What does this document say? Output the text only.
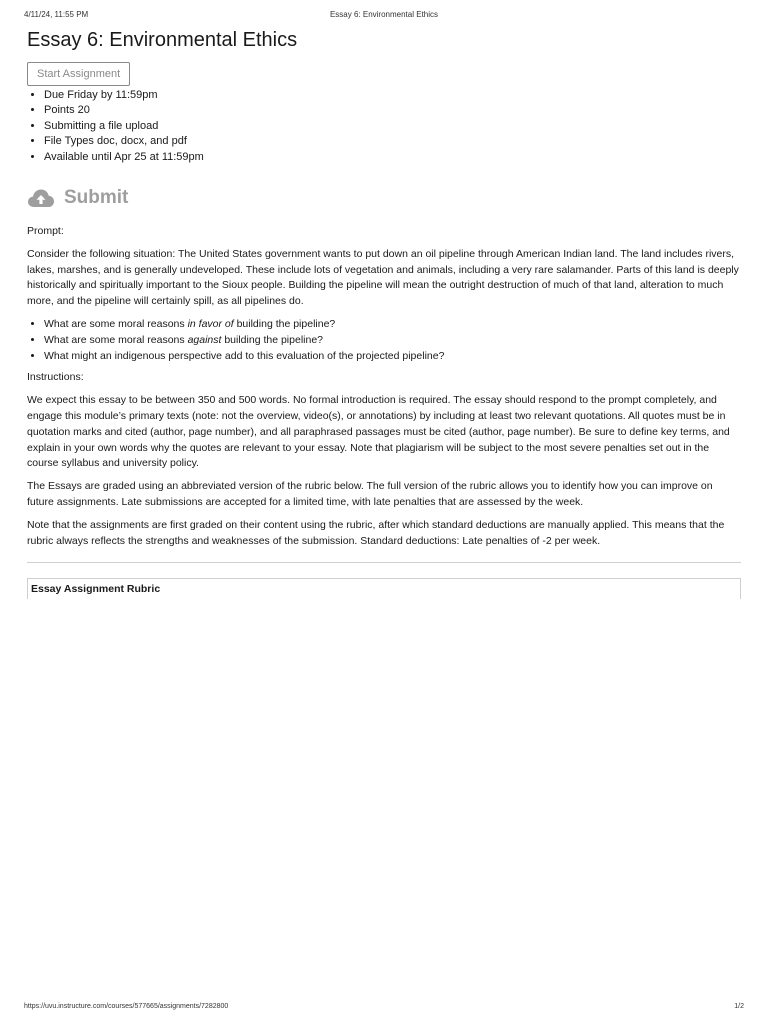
4/11/24, 11:55 PM	Essay 6: Environmental Ethics
Essay 6: Environmental Ethics
Start Assignment
• Due Friday by 11:59pm
• Points 20
• Submitting a file upload
• File Types doc, docx, and pdf
• Available until Apr 25 at 11:59pm
Submit

Prompt:

Consider the following situation: The United States government wants to put down an oil pipeline through American Indian land. The land includes rivers, lakes, marshes, and is generally undeveloped. These include lots of vegetation and animals, including a very rare salamander. Parts of this land is deeply historically and spiritually important to the Sioux people. Building the pipeline will mean the outright destruction of much of that land, alteration to much more, and the pipeline will certainly spill, as all pipelines do.

• What are some moral reasons in favor of building the pipeline?
• What are some moral reasons against building the pipeline?
• What might an indigenous perspective add to this evaluation of the projected pipeline?

Instructions:

We expect this essay to be between 350 and 500 words. No formal introduction is required. The essay should respond to the prompt completely, and engage this module’s primary texts (note: not the overview, video(s), or annotations) by including at least two relevant quotations. All quotes must be in quotation marks and cited (author, page number), and all paraphrased passages must be cited (author, page number). Be sure to define key terms, and explain in your own words why the quotes are relevant to your essay. Note that plagiarism will be subject to the most severe penalties set out in the course syllabus and university policy.

The Essays are graded using an abbreviated version of the rubric below. The full version of the rubric allows you to identify how you can improve on future assignments. Late submissions are accepted for a limited time, with late penalties that are assessed by the week.

Note that the assignments are first graded on their content using the rubric, after which standard deductions are manually applied. This means that the rubric always reflects the strengths and weaknesses of the submission. Standard deductions: Late penalties of -2 per week.

Essay Assignment Rubric
https://uvu.instructure.com/courses/577665/assignments/7282800	1/2
